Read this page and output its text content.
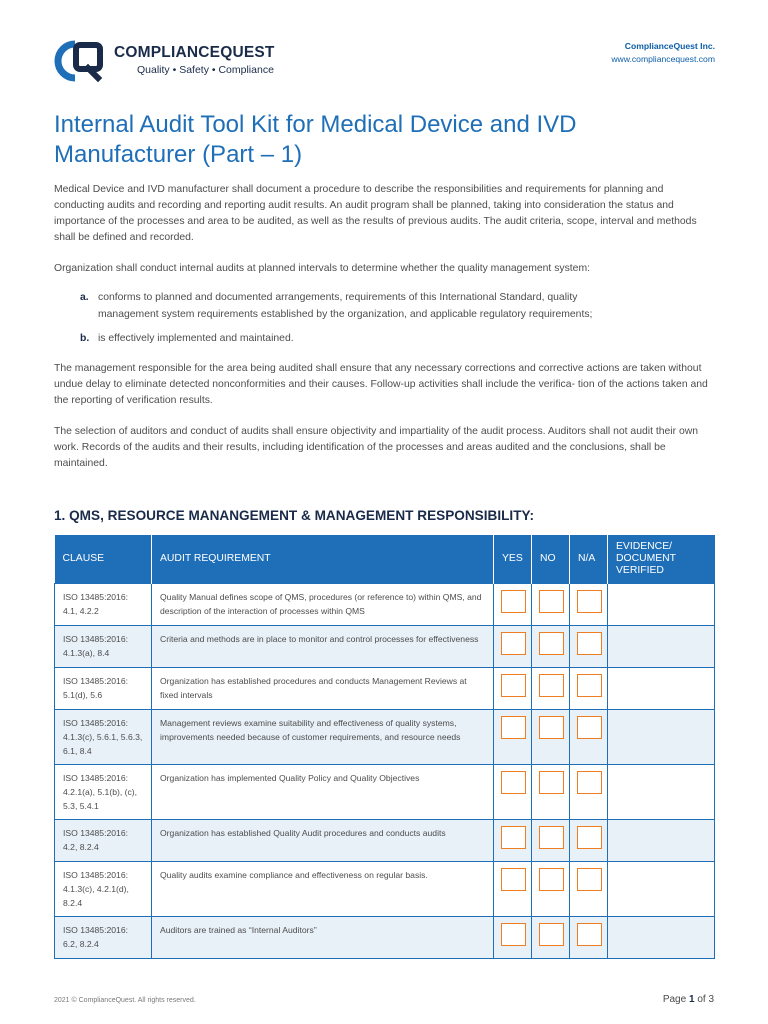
COMPLIANCEQUEST
Quality • Safety • Compliance
ComplianceQuest Inc.
www.compliancequest.com
Internal Audit Tool Kit for Medical Device and IVD Manufacturer (Part – 1)

Medical Device and IVD manufacturer shall document a procedure to describe the responsibilities and requirements for planning and conducting audits and recording and reporting audit results. An audit program shall be planned, taking into consideration the status and importance of the processes and area to be audited, as well as the results of previous audits. The audit criteria, scope, interval and methods shall be defined and recorded.

Organization shall conduct internal audits at planned intervals to determine whether the quality management system:

a. conforms to planned and documented arrangements, requirements of this International Standard, quality management system requirements established by the organization, and applicable regulatory requirements;
b. is effectively implemented and maintained.

The management responsible for the area being audited shall ensure that any necessary corrections and corrective actions are taken without undue delay to eliminate detected nonconformities and their causes. Follow-up activities shall include the verifica- tion of the actions taken and the reporting of verification results.

The selection of auditors and conduct of audits shall ensure objectivity and impartiality of the audit process. Auditors shall not audit their own work. Records of the audits and their results, including identification of the processes and areas audited and the conclusions, shall be maintained.

1. QMS, RESOURCE MANANGEMENT & MANAGEMENT RESPONSIBILITY:
CLAUSE	AUDIT REQUIREMENT	YES	NO	N/A	EVIDENCE/ DOCUMENT VERIFIED
ISO 13485:2016: 4.1, 4.2.2	Quality Manual defines scope of QMS, procedures (or reference to) within QMS, and description of the interaction of processes within QMS	

ISO 13485:2016: 4.1.3(a), 8.4	Criteria and methods are in place to monitor and control processes for effectiveness	

ISO 13485:2016: 5.1(d), 5.6	Organization has established procedures and conducts Management Reviews at fixed intervals	

ISO 13485:2016: 4.1.3(c), 5.6.1, 5.6.3, 6.1, 8.4	Management reviews examine suitability and effectiveness of quality systems, improvements needed because of customer requirements, and resource needs	

ISO 13485:2016: 4.2.1(a), 5.1(b), (c), 5.3, 5.4.1	Organization has implemented Quality Policy and Quality Objectives	

ISO 13485:2016: 4.2, 8.2.4	Organization has established Quality Audit procedures and conducts audits	

ISO 13485:2016: 4.1.3(c), 4.2.1(d), 8.2.4	Quality audits examine compliance and effectiveness on regular basis.	

ISO 13485:2016: 6.2, 8.2.4	Auditors are trained as “Internal Auditors”	

2021 © ComplianceQuest. All rights reserved.	Page 1 of 3
